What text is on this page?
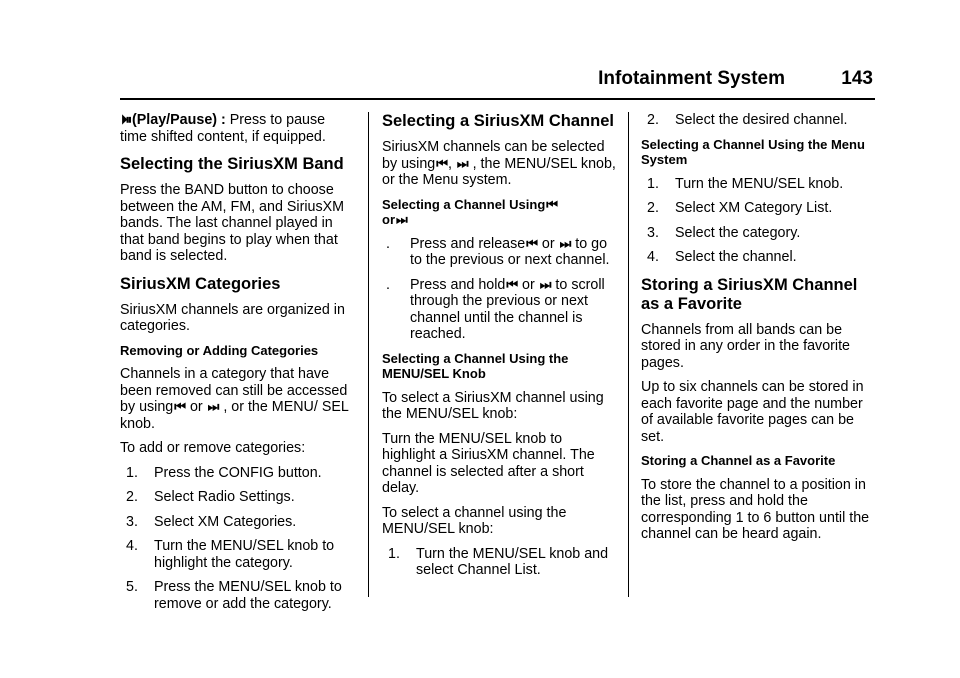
Infotainment System	143

⏵⏸ (Play/Pause) : Press to pause time shifted content, if equipped.

Selecting the SiriusXM Band

Press the BAND button to choose between the AM, FM, and SiriusXM bands. The last channel played in that band begins to play when that band is selected.

SiriusXM Categories

SiriusXM channels are organized in categories.

Removing or Adding Categories

Channels in a category that have been removed can still be accessed by using⏮ or ⏭ , or the MENU/ SEL knob.

To add or remove categories:

1. Press the CONFIG button.
2. Select Radio Settings.
3. Select XM Categories.
4. Turn the MENU/SEL knob to highlight the category.
5. Press the MENU/SEL knob to remove or add the category.
Selecting a SiriusXM Channel

SiriusXM channels can be selected by using⏮ , ⏭ , the MENU/SEL knob, or the Menu system.

Selecting a Channel Using⏮
or⏭
. Press and release⏮ or ⏭ to go to the previous or next channel.
. Press and hold⏮ or ⏭ to scroll through the previous or next channel until the channel is reached.
Selecting a Channel Using the MENU/SEL Knob

To select a SiriusXM channel using the MENU/SEL knob:

Turn the MENU/SEL knob to highlight a SiriusXM channel. The channel is selected after a short delay.

To select a channel using the MENU/SEL knob:

1. Turn the MENU/SEL knob and select Channel List.
2. Select the desired channel.
Selecting a Channel Using the Menu System
1. Turn the MENU/SEL knob.
2. Select XM Category List.
3. Select the category.
4. Select the channel.
Storing a SiriusXM Channel as a Favorite

Channels from all bands can be stored in any order in the favorite pages.

Up to six channels can be stored in each favorite page and the number of available favorite pages can be set.

Storing a Channel as a Favorite

To store the channel to a position in the list, press and hold the corresponding 1 to 6 button until the channel can be heard again.
